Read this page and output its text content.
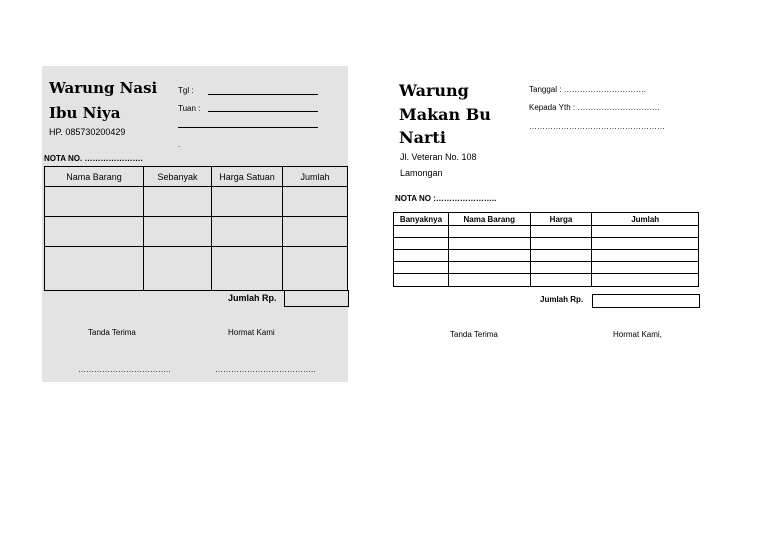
Warung Nasi
Ibu Niya
HP. 085730200429
Tgl :
Tuan :
.
NOTA NO. ………………….
Nama Barang	Sebanyak	Harga Satuan	Jumlah

Jumlah Rp.
Tanda Terima	Hormat Kami
……………………………..	………………………………..
Warung
Makan Bu
Narti
Jl. Veteran No. 108
Lamongan
Tanggal : ………………………….
Kepada Yth : ………………………….
……………………………………………
NOTA NO :…………………..
Banyaknya	Nama Barang	Harga	Jumlah

Jumlah Rp.
Tanda Terima	Hormat Kami,
